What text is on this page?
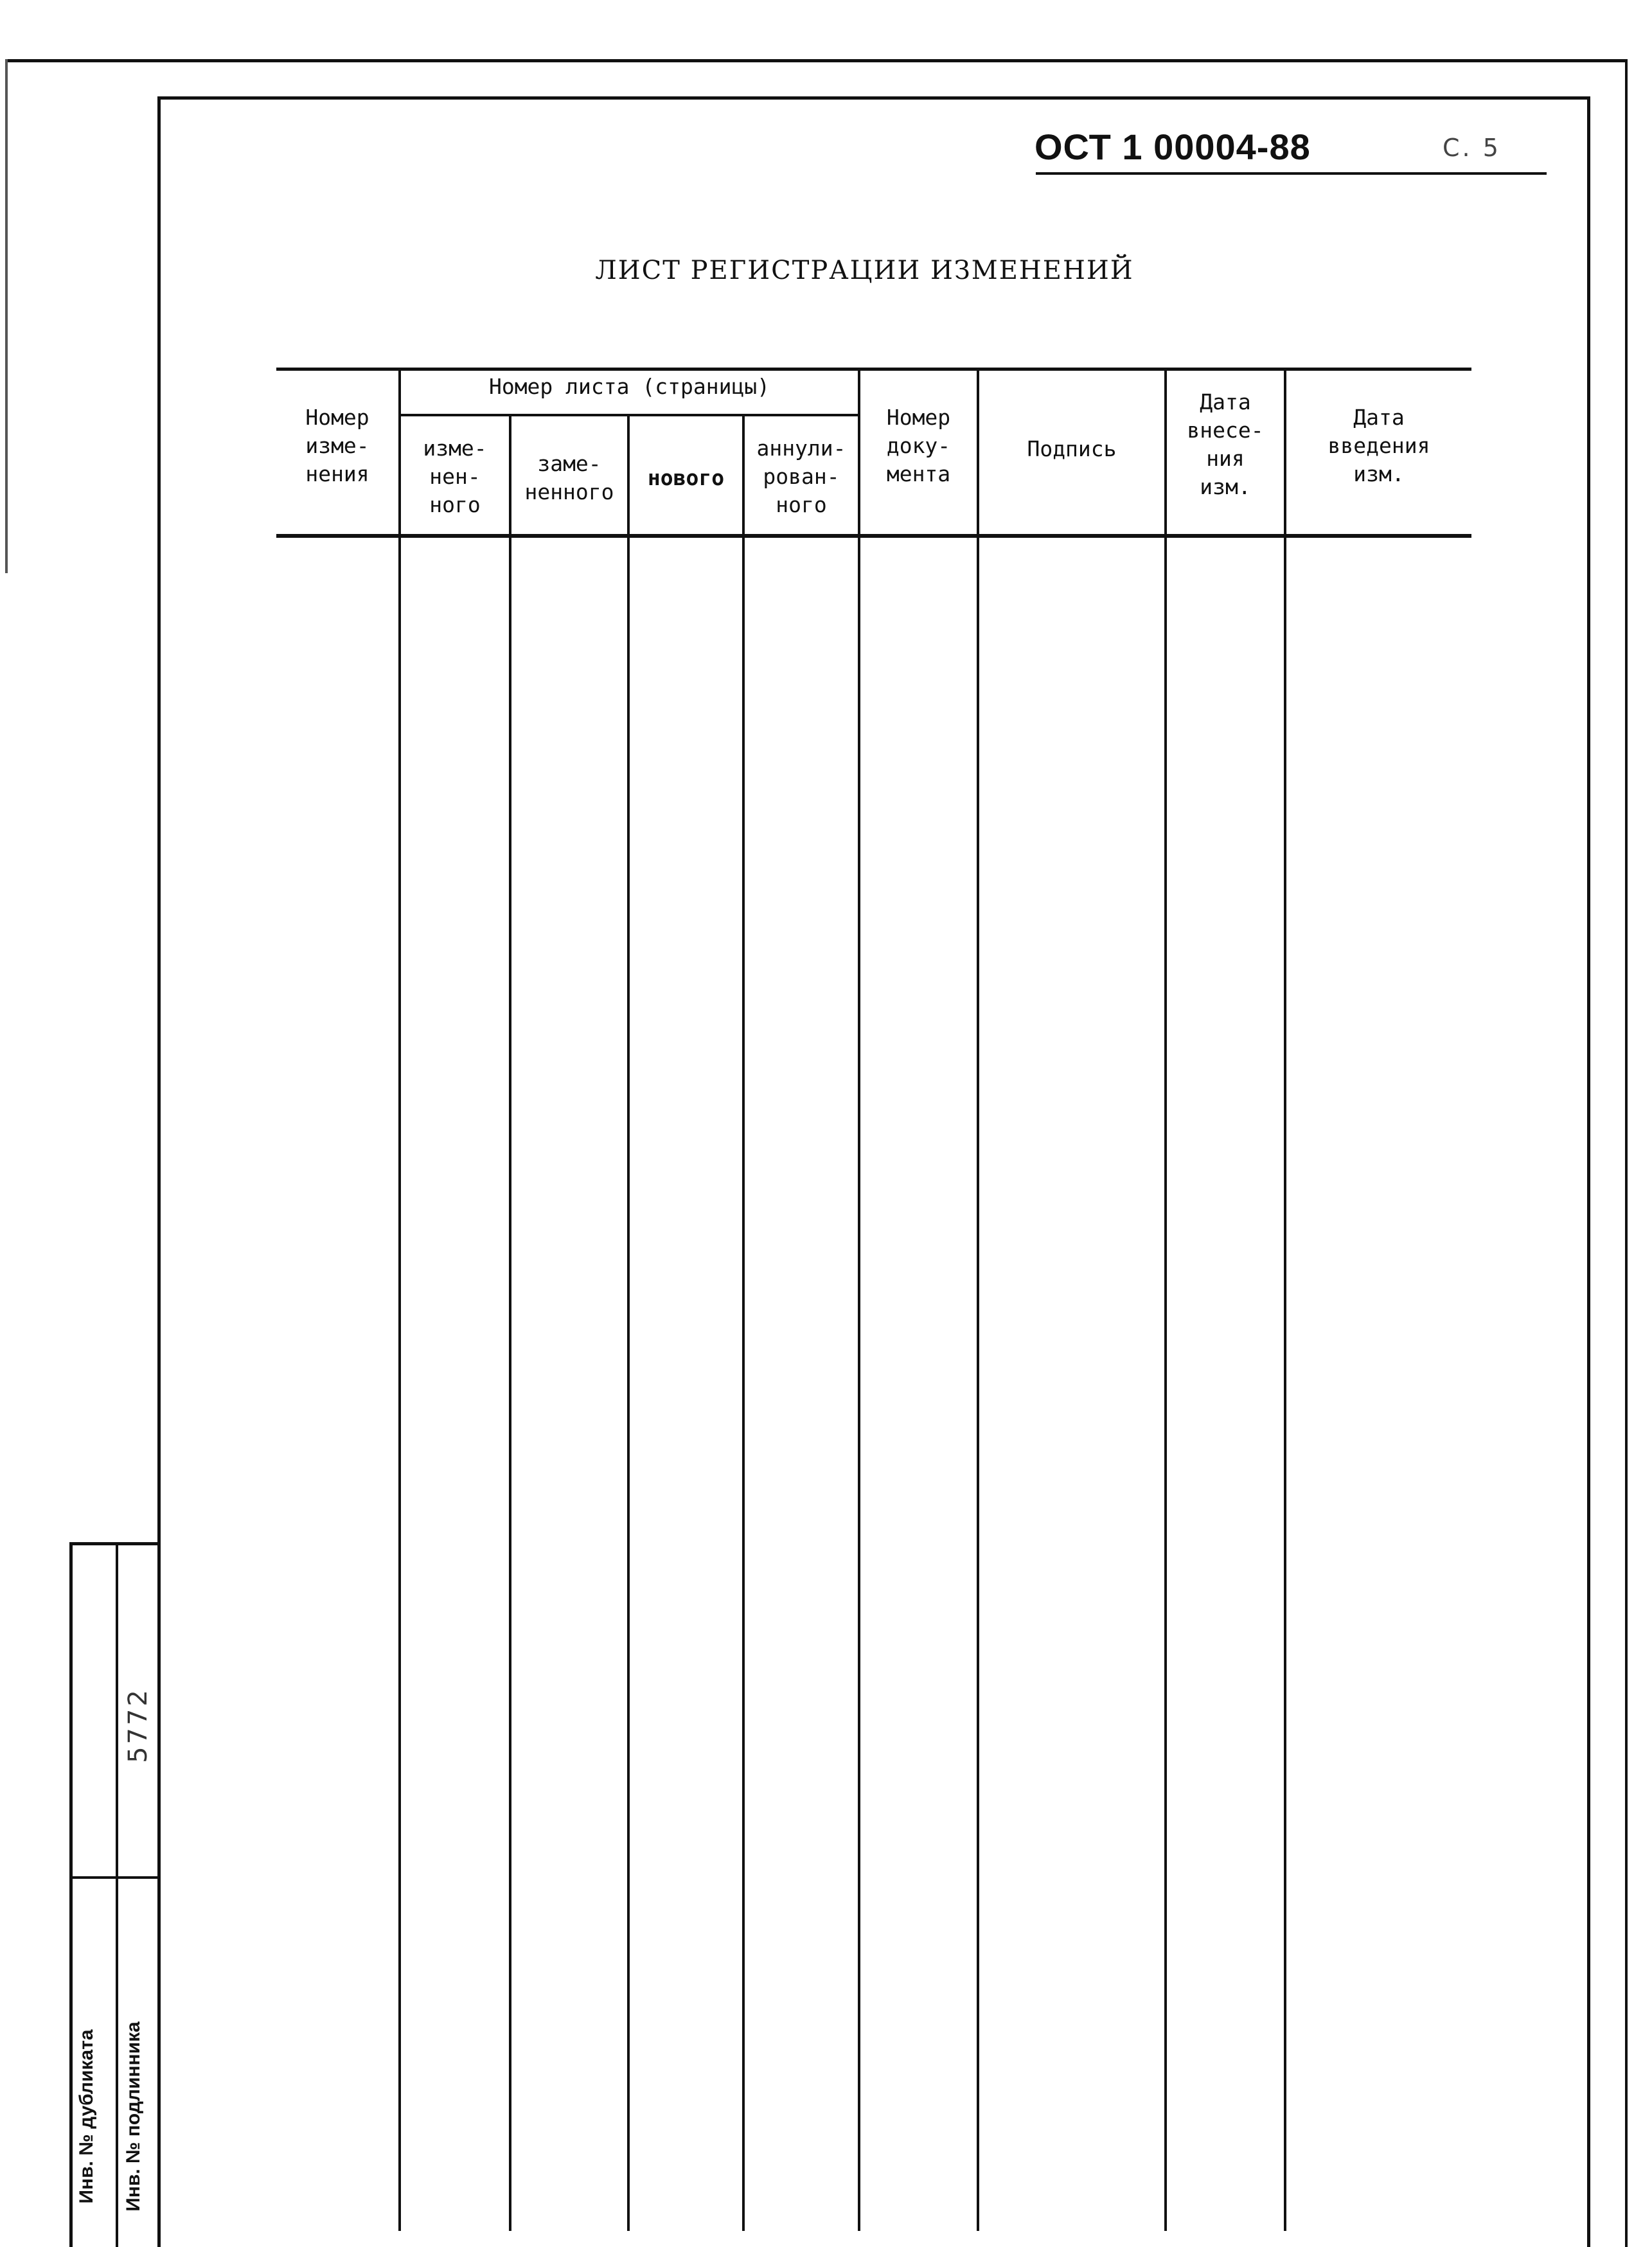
ОСТ 1 00004-88	С. 5
ЛИСТ РЕГИСТРАЦИИ ИЗМЕНЕНИЙ
Номер листа (страницы)
Номер
изме-
нения
изме-
нен-
ного
заме-
ненного
нового
аннули-
рован-
ного
Номер
доку-
мента
Подпись
Дата
внесе-
ния
изм.
Дата
введения
изм.
5772
Инв. № дубликата Инв. № подлинника
